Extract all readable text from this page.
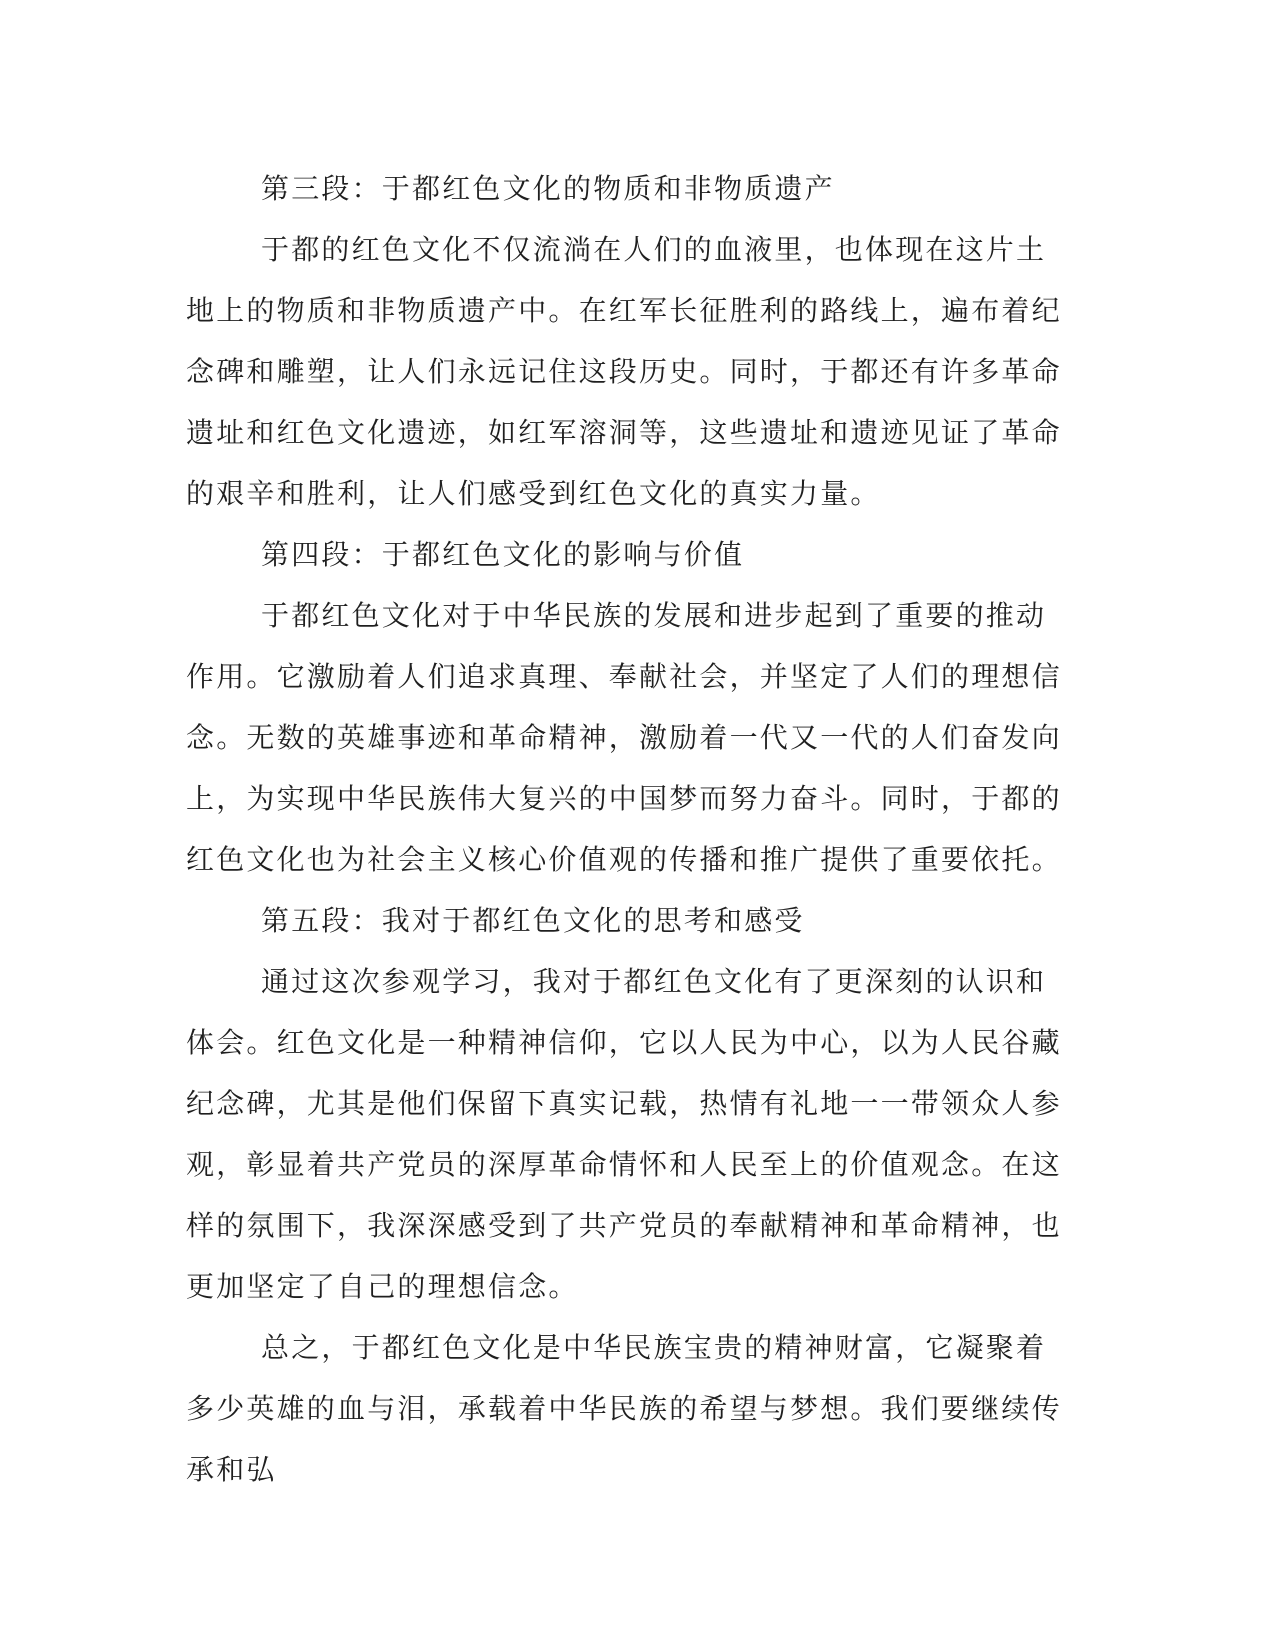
第三段：于都红色文化的物质和非物质遗产

于都的红色文化不仅流淌在人们的血液里，也体现在这片土地上的物质和非物质遗产中。在红军长征胜利的路线上，遍布着纪念碑和雕塑，让人们永远记住这段历史。同时，于都还有许多革命遗址和红色文化遗迹，如红军溶洞等，这些遗址和遗迹见证了革命的艰辛和胜利，让人们感受到红色文化的真实力量。

第四段：于都红色文化的影响与价值

于都红色文化对于中华民族的发展和进步起到了重要的推动作用。它激励着人们追求真理、奉献社会，并坚定了人们的理想信念。无数的英雄事迹和革命精神，激励着一代又一代的人们奋发向上，为实现中华民族伟大复兴的中国梦而努力奋斗。同时，于都的红色文化也为社会主义核心价值观的传播和推广提供了重要依托。

第五段：我对于都红色文化的思考和感受

通过这次参观学习，我对于都红色文化有了更深刻的认识和体会。红色文化是一种精神信仰，它以人民为中心，以为人民谷藏纪念碑，尤其是他们保留下真实记载，热情有礼地一一带领众人参观，彰显着共产党员的深厚革命情怀和人民至上的价值观念。在这样的氛围下，我深深感受到了共产党员的奉献精神和革命精神，也更加坚定了自己的理想信念。

总之，于都红色文化是中华民族宝贵的精神财富，它凝聚着多少英雄的血与泪，承载着中华民族的希望与梦想。我们要继续传承和弘
